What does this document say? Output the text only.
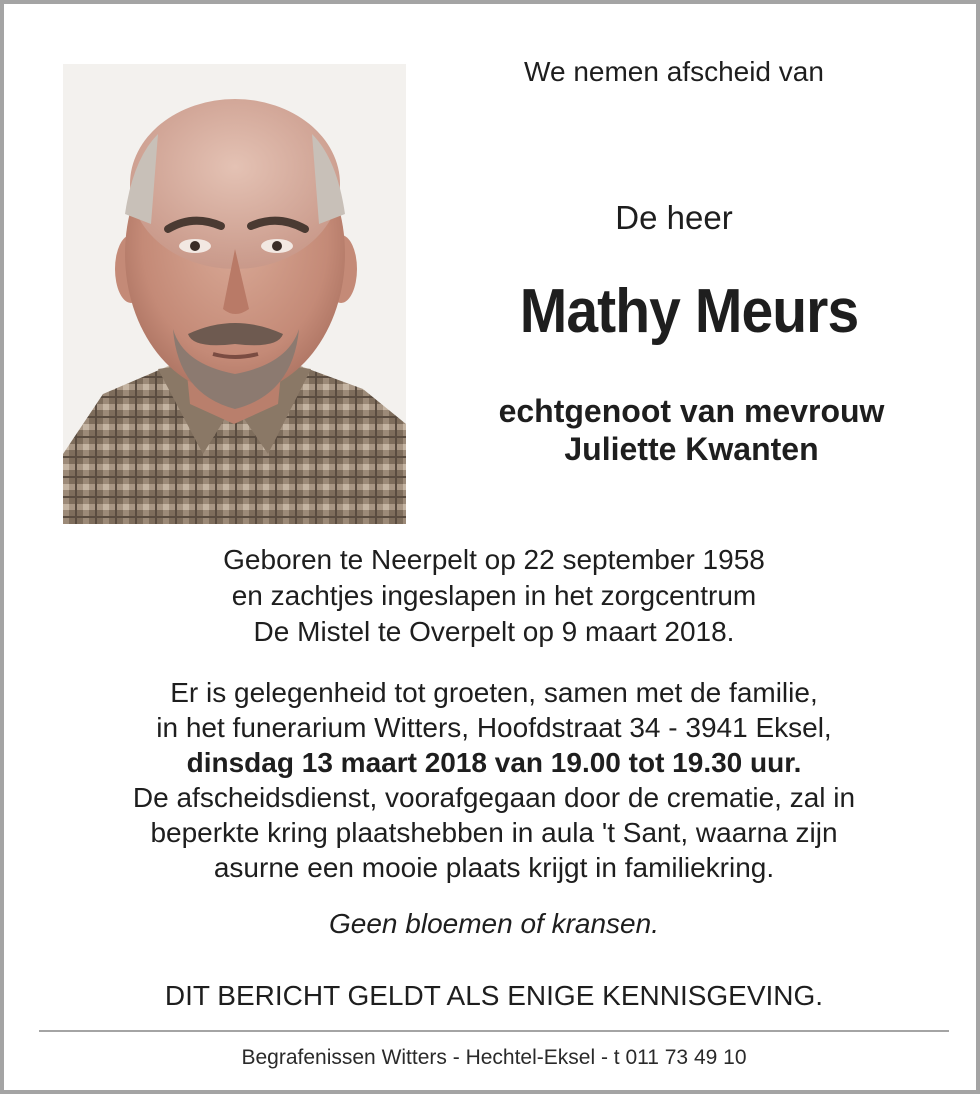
We nemen afscheid van
De heer
Mathy Meurs
echtgenoot van mevrouw
Juliette Kwanten
Geboren te Neerpelt op 22 september 1958
en zachtjes ingeslapen in het zorgcentrum
De Mistel te Overpelt op 9 maart 2018.
Er is gelegenheid tot groeten, samen met de familie,
in het funerarium Witters, Hoofdstraat 34 - 3941 Eksel,
dinsdag 13 maart 2018 van 19.00 tot 19.30 uur.
De afscheidsdienst, voorafgegaan door de crematie, zal in
beperkte kring plaatshebben in aula 't Sant, waarna zijn
asurne een mooie plaats krijgt in familiekring.
Geen bloemen of kransen.
DIT BERICHT GELDT ALS ENIGE KENNISGEVING.
Begrafenissen Witters - Hechtel-Eksel - t 011 73 49 10
